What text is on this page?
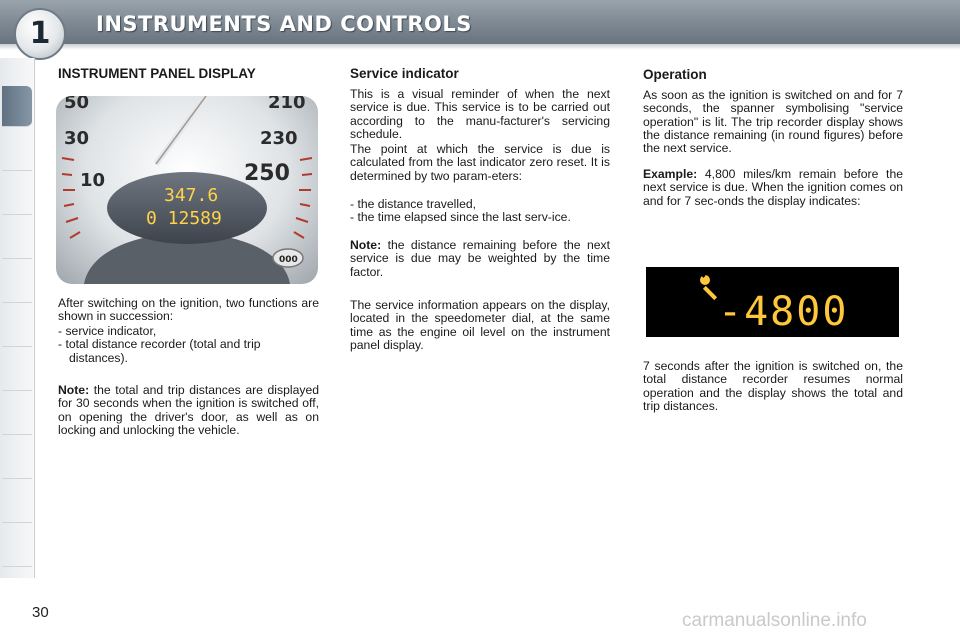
1	INSTRUMENTS AND CONTROLS
INSTRUMENT PANEL DISPLAY
50
30
10
210
230
250
347.6
0 12589
000

After switching on the ignition, two functions are shown in succession:

- service indicator,
- total distance recorder (total and trip distances).

Note: the total and trip distances are displayed for 30 seconds when the ignition is switched off, on opening the driver's door, as well as on locking and unlocking the vehicle.

Service indicator

This is a visual reminder of when the next service is due. This service is to be carried out according to the manu-facturer's servicing schedule.

The point at which the service is due is calculated from the last indicator zero reset. It is determined by two param-eters:

- the distance travelled,
- the time elapsed since the last serv-ice.

Note: the distance remaining before the next service is due may be weighted by the time factor.

The service information appears on the display, located in the speedometer dial, at the same time as the engine oil level on the instrument panel display.

Operation

As soon as the ignition is switched on and for 7 seconds, the spanner symbolising "service operation" is lit. The trip recorder display shows the distance remaining (in round figures) before the next service.

Example: 4,800 miles/km remain before the next service is due. When the ignition comes on and for 7 sec-onds the display indicates:

-4800

7 seconds after the ignition is switched on, the total distance recorder resumes normal operation and the display shows the total and trip distances.

30	carmanualsonline.info
